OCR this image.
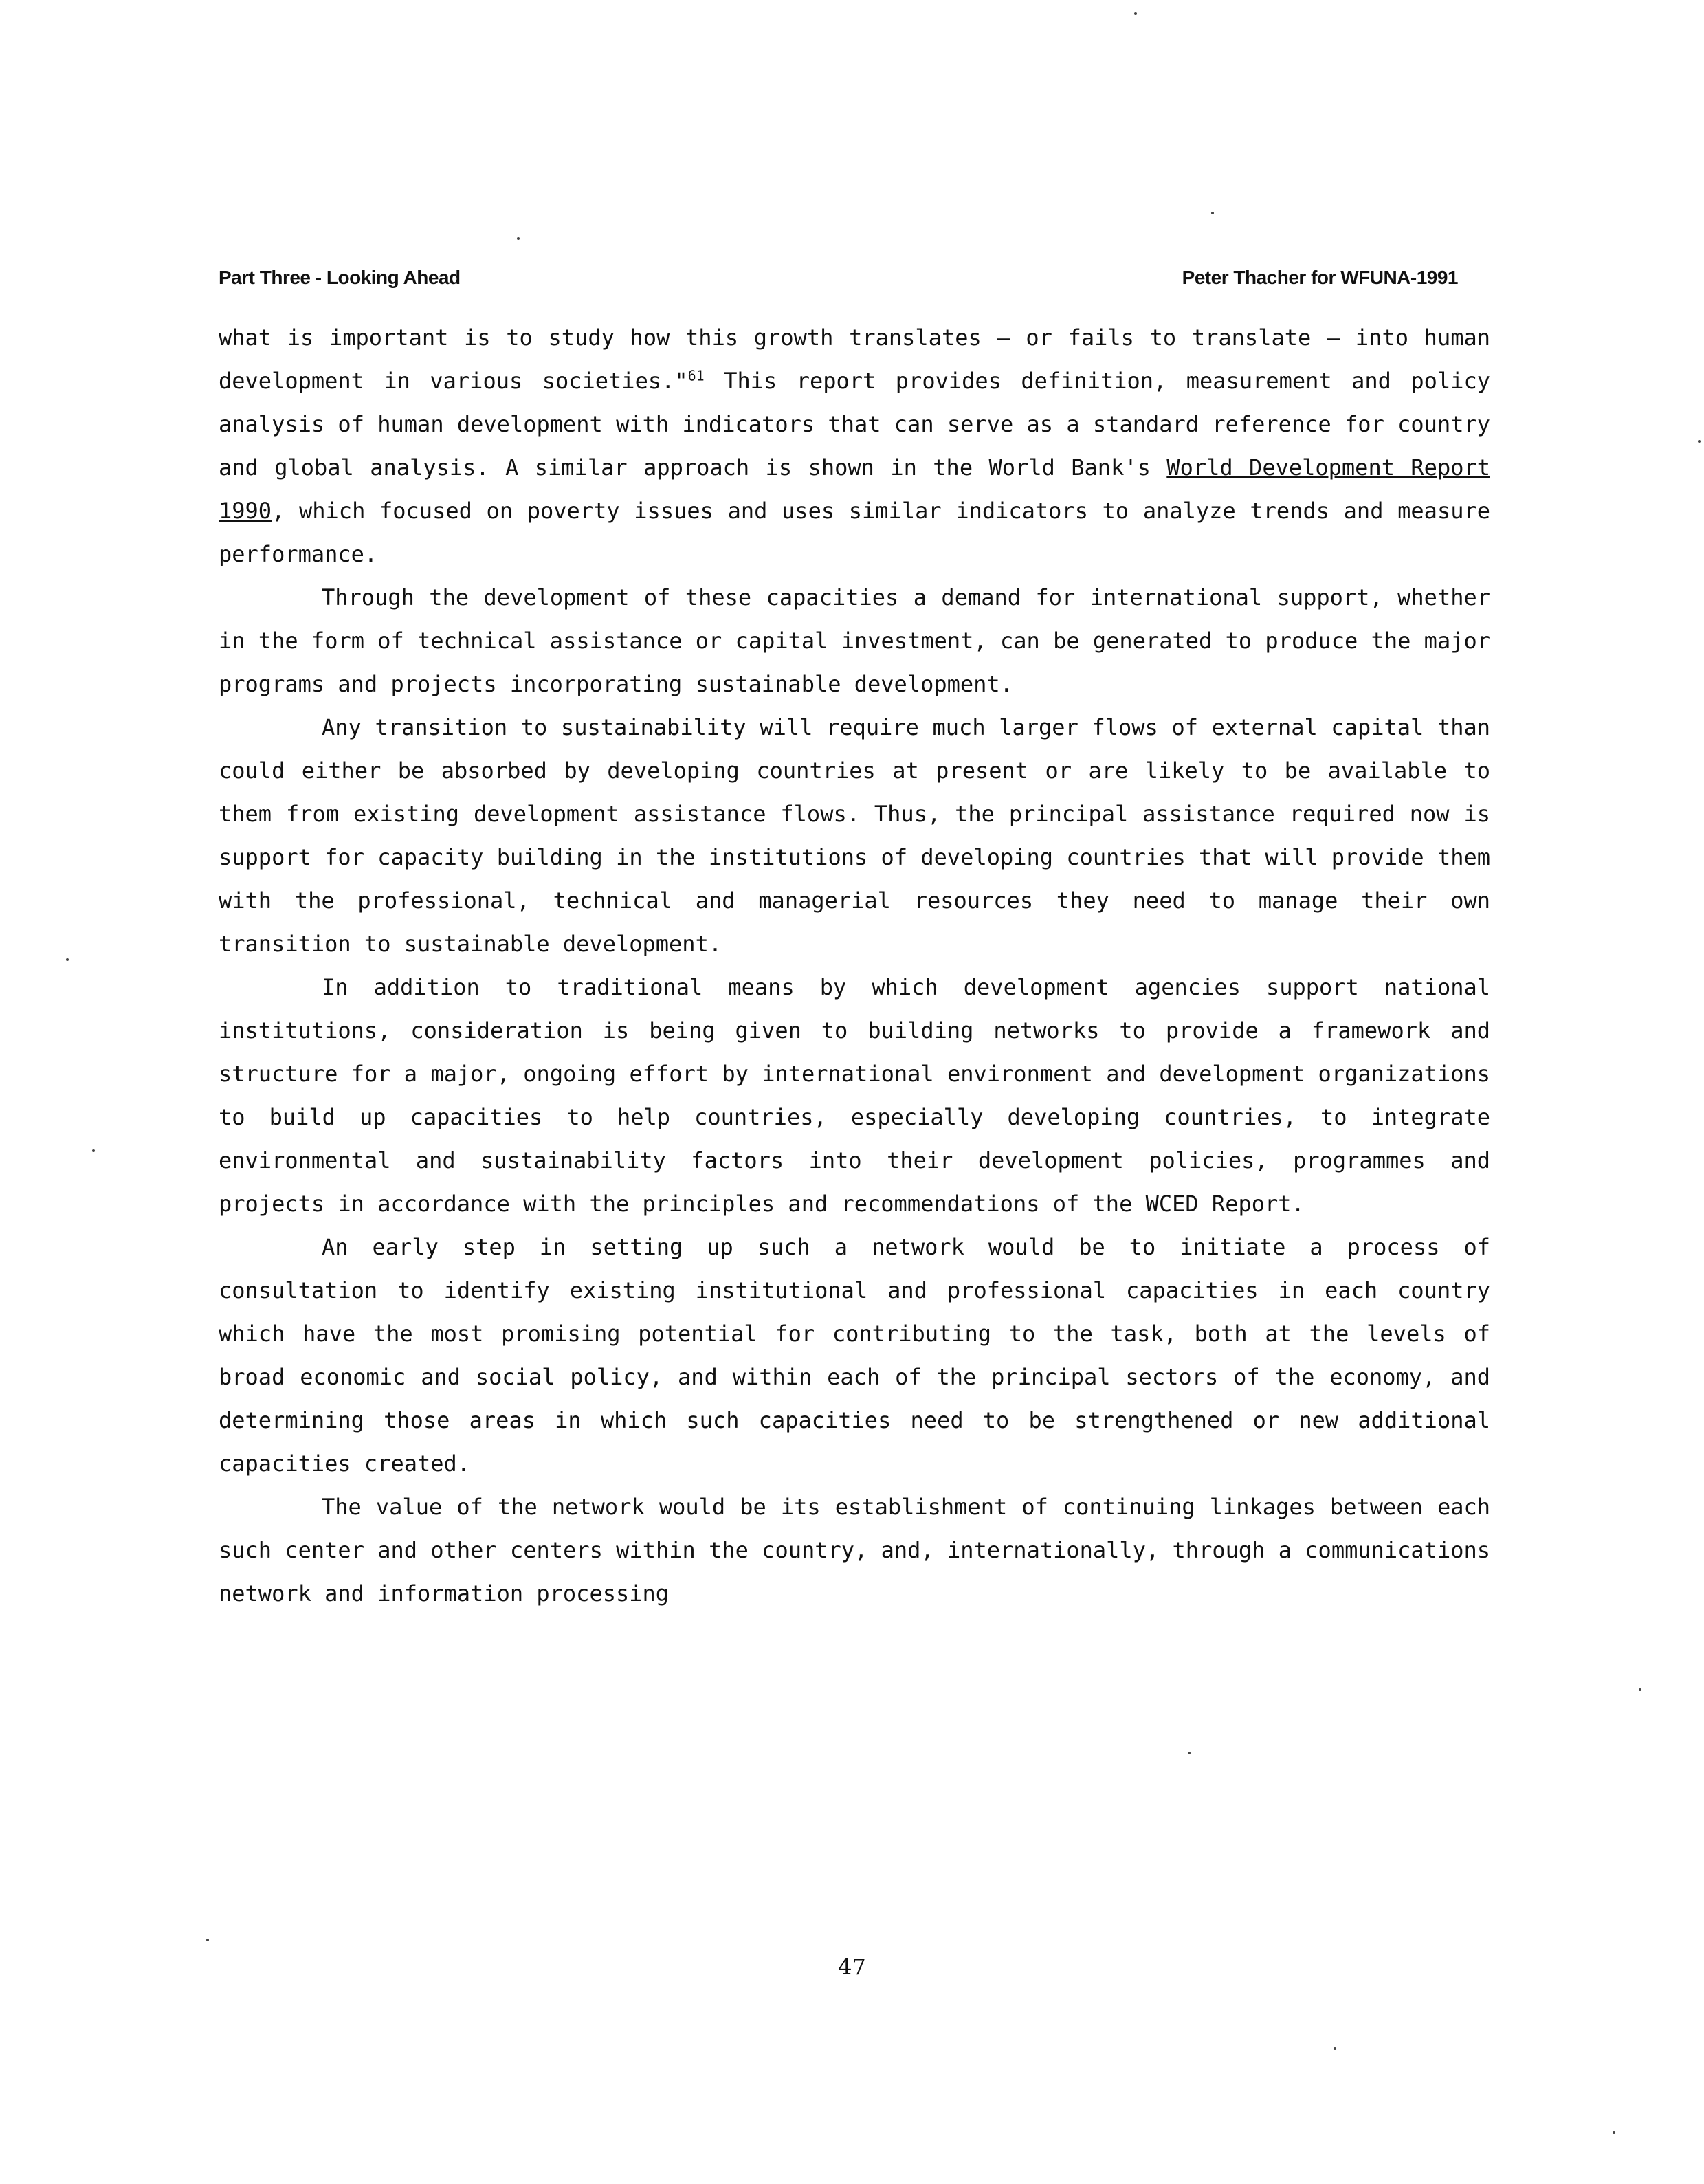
Part Three - Looking Ahead	Peter Thacher for WFUNA-1991

what is important is to study how this growth translates — or fails to translate — into human development in various societies."$^{61}$ This report provides definition, measurement and policy analysis of human development with indicators that can serve as a standard reference for country and global analysis. A similar approach is shown in the World Bank's World Development Report 1990, which focused on poverty issues and uses similar indicators to analyze trends and measure performance.

Through the development of these capacities a demand for international support, whether in the form of technical assistance or capital investment, can be generated to produce the major programs and projects incorporating sustainable development.

Any transition to sustainability will require much larger flows of external capital than could either be absorbed by developing countries at present or are likely to be available to them from existing development assistance flows. Thus, the principal assistance required now is support for capacity building in the institutions of developing countries that will provide them with the professional, technical and managerial resources they need to manage their own transition to sustainable development.

In addition to traditional means by which development agencies support national institutions, consideration is being given to building networks to provide a framework and structure for a major, ongoing effort by international environment and development organizations to build up capacities to help countries, especially developing countries, to integrate environmental and sustainability factors into their development policies, programmes and projects in accordance with the principles and recommendations of the WCED Report.

An early step in setting up such a network would be to initiate a process of consultation to identify existing institutional and professional capacities in each country which have the most promising potential for contributing to the task, both at the levels of broad economic and social policy, and within each of the principal sectors of the economy, and determining those areas in which such capacities need to be strengthened or new additional capacities created.

The value of the network would be its establishment of continuing linkages between each such center and other centers within the country, and, internationally, through a communications network and information processing

47
